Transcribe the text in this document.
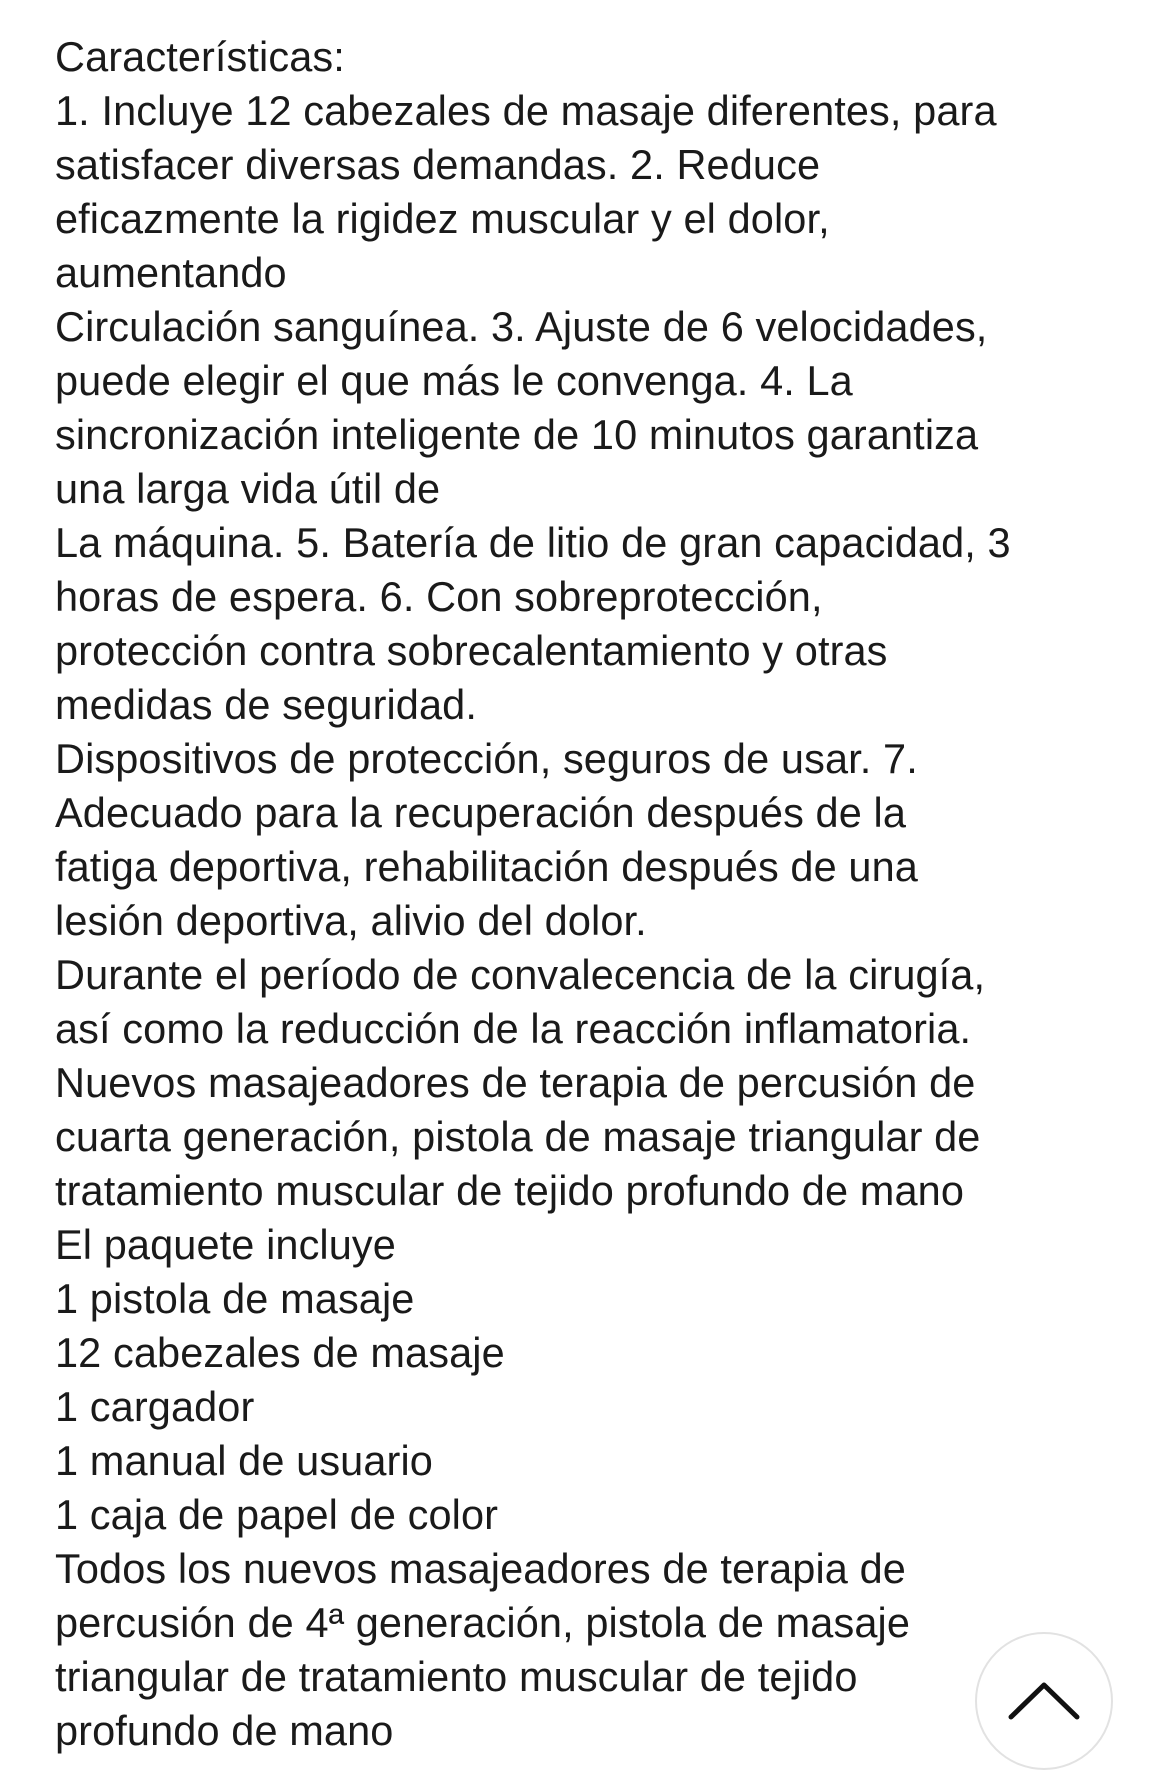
Características:
1. Incluye 12 cabezales de masaje diferentes, para
satisfacer diversas demandas. 2. Reduce
eficazmente la rigidez muscular y el dolor,
aumentando
Circulación sanguínea. 3. Ajuste de 6 velocidades,
puede elegir el que más le convenga. 4. La
sincronización inteligente de 10 minutos garantiza
una larga vida útil de
La máquina. 5. Batería de litio de gran capacidad, 3
horas de espera. 6. Con sobreprotección,
protección contra sobrecalentamiento y otras
medidas de seguridad.
Dispositivos de protección, seguros de usar. 7.
Adecuado para la recuperación después de la
fatiga deportiva, rehabilitación después de una
lesión deportiva, alivio del dolor.
Durante el período de convalecencia de la cirugía,
así como la reducción de la reacción inflamatoria.
Nuevos masajeadores de terapia de percusión de
cuarta generación, pistola de masaje triangular de
tratamiento muscular de tejido profundo de mano
El paquete incluye
1 pistola de masaje
12 cabezales de masaje
1 cargador
1 manual de usuario
1 caja de papel de color
Todos los nuevos masajeadores de terapia de
percusión de 4ª generación, pistola de masaje
triangular de tratamiento muscular de tejido
profundo de mano
